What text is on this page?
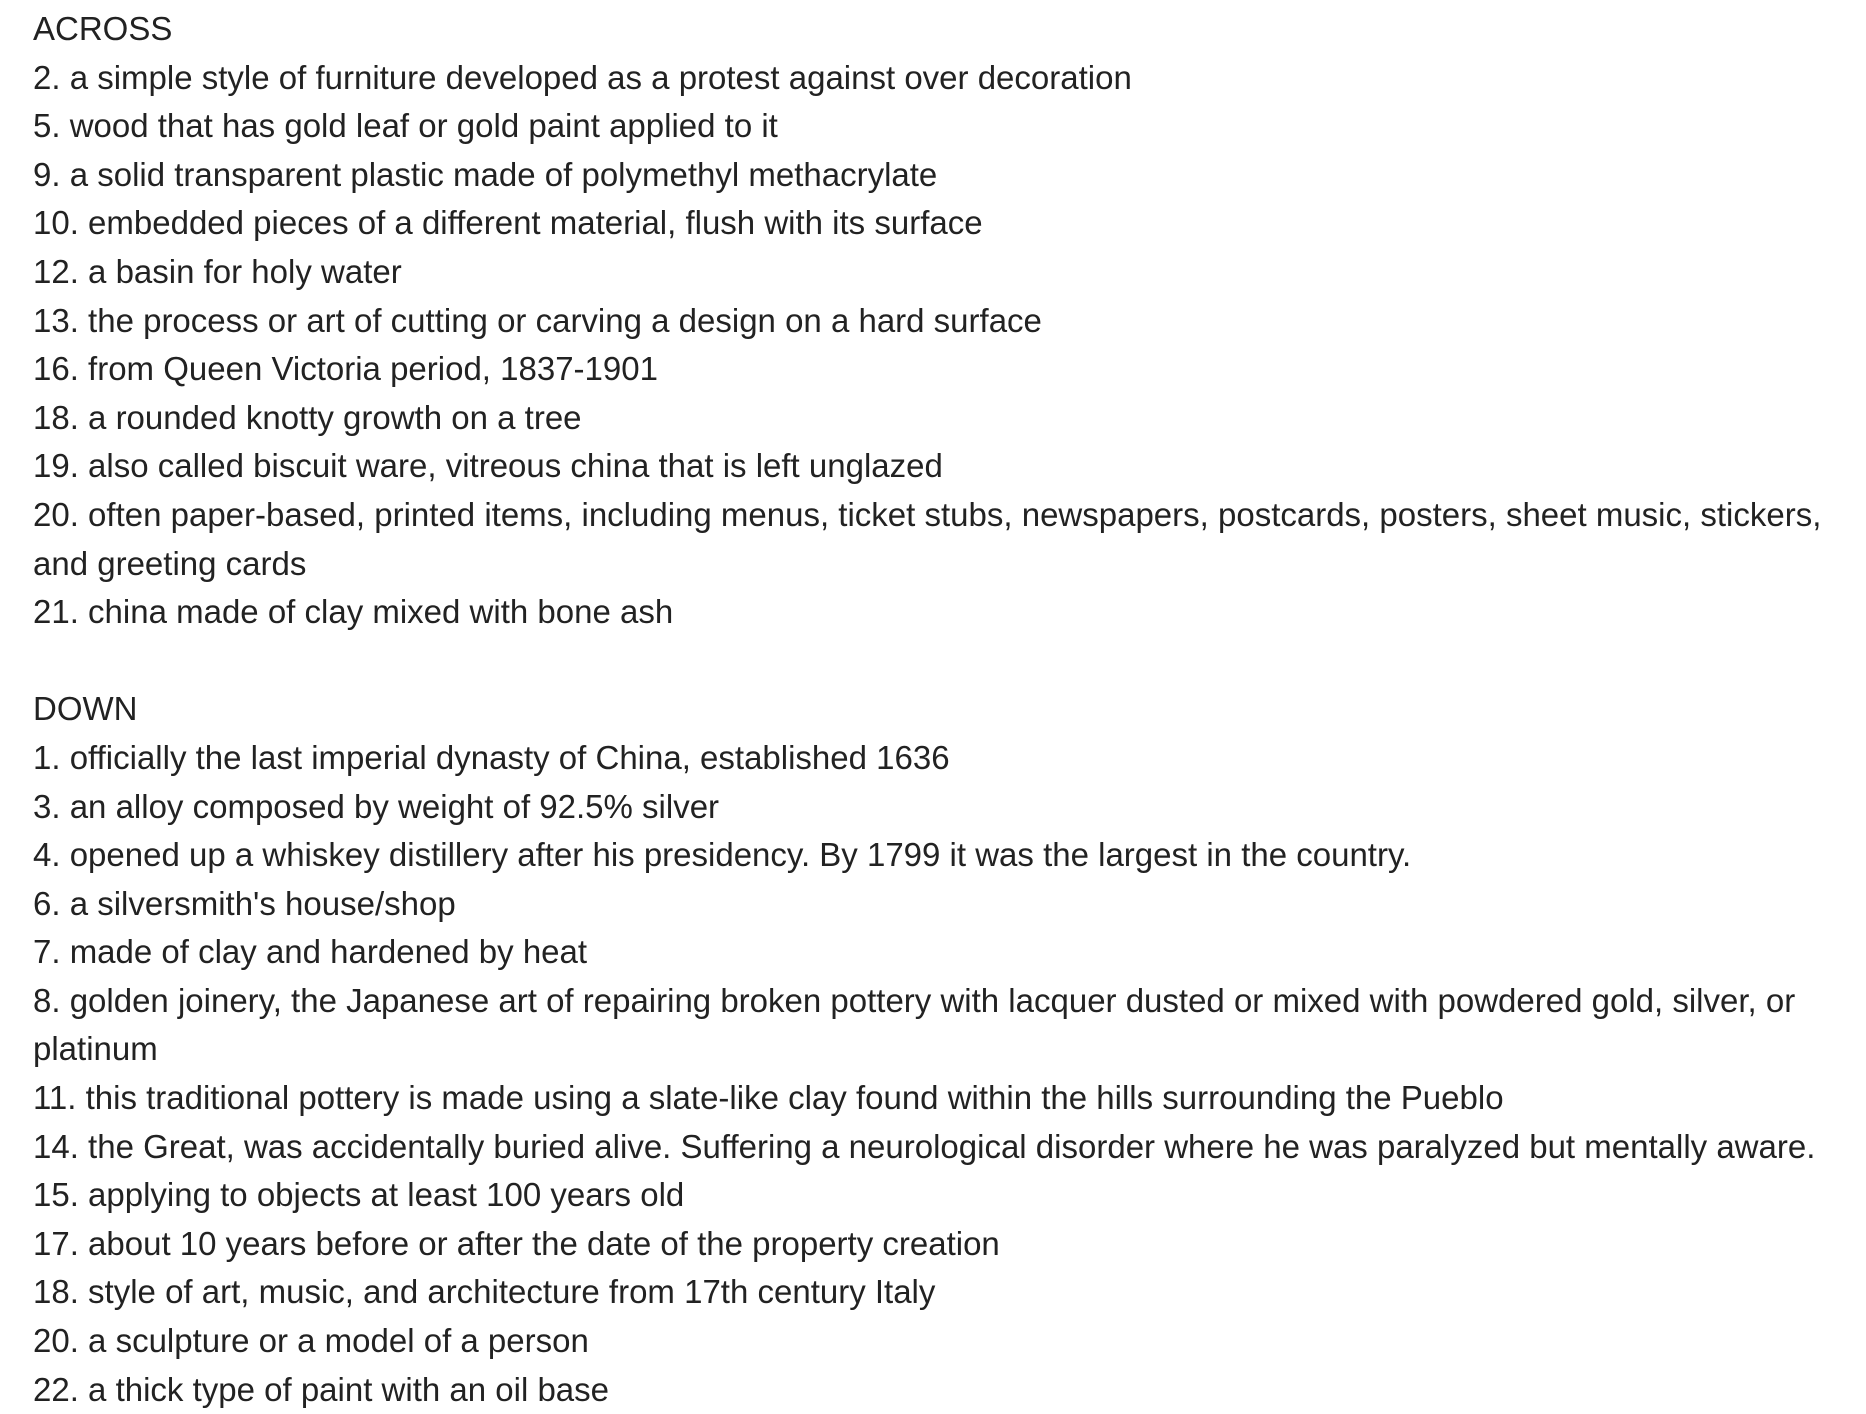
ACROSS
2. a simple style of furniture developed as a protest against over decoration
5. wood that has gold leaf or gold paint applied to it
9. a solid transparent plastic made of polymethyl methacrylate
10. embedded pieces of a different material, flush with its surface
12. a basin for holy water
13. the process or art of cutting or carving a design on a hard surface
16. from Queen Victoria period, 1837-1901
18. a rounded knotty growth on a tree
19. also called biscuit ware, vitreous china that is left unglazed
20. often paper-based, printed items, including menus, ticket stubs, newspapers, postcards, posters, sheet music, stickers, and greeting cards
21. china made of clay mixed with bone ash
DOWN
1. officially the last imperial dynasty of China, established 1636
3. an alloy composed by weight of 92.5% silver
4. opened up a whiskey distillery after his presidency. By 1799 it was the largest in the country.
6. a silversmith's house/shop
7. made of clay and hardened by heat
8. golden joinery, the Japanese art of repairing broken pottery with lacquer dusted or mixed with powdered gold, silver, or platinum
11. this traditional pottery is made using a slate-like clay found within the hills surrounding the Pueblo
14. the Great, was accidentally buried alive. Suffering a neurological disorder where he was paralyzed but mentally aware.
15. applying to objects at least 100 years old
17. about 10 years before or after the date of the property creation
18. style of art, music, and architecture from 17th century Italy
20. a sculpture or a model of a person
22. a thick type of paint with an oil base
